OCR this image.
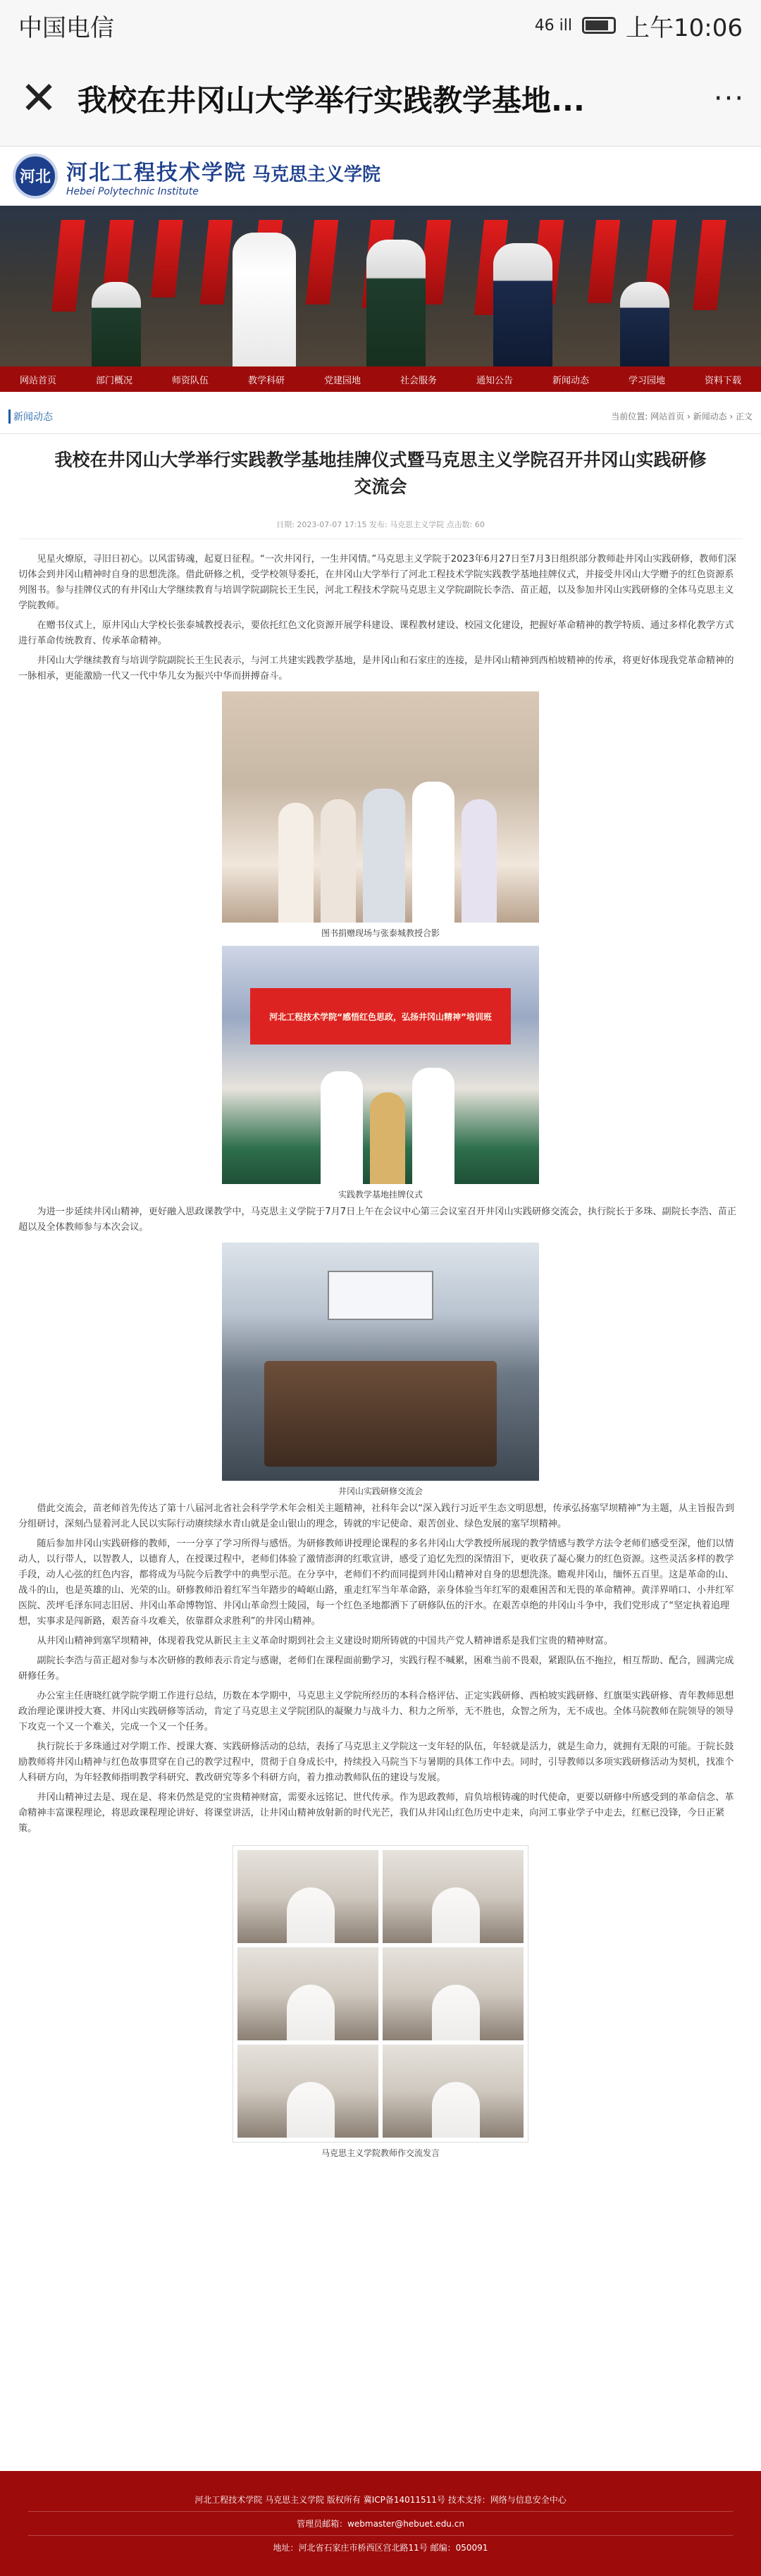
中国电信	46 ill 上午10:06
✕ 我校在井冈山大学举行实践教学基地...	···
河北 河北工程技术学院 马克思主义学院
Hebei Polytechnic Institute
网站首页	部门概况	师资队伍	教学科研	党建园地	社会服务	通知公告	新闻动态	学习园地	资料下载
新闻动态	当前位置: 网站首页 › 新闻动态 › 正文
我校在井冈山大学举行实践教学基地挂牌仪式暨马克思主义学院召开井冈山实践研修交流会
日期: 2023-07-07 17:15 发布: 马克思主义学院 点击数: 60

见星火燎原，寻旧日初心。以风雷铸魂，起夏日征程。“一次井冈行，一生井冈情。”马克思主义学院于2023年6月27日至7月3日组织部分教师赴井冈山实践研修，教师们深切体会到井冈山精神时自身的思想洗涤。借此研修之机，受学校领导委托，在井冈山大学举行了河北工程技术学院实践教学基地挂牌仪式，并接受井冈山大学赠予的红色资源系列图书。参与挂牌仪式的有井冈山大学继续教育与培训学院副院长王生民，河北工程技术学院马克思主义学院副院长李浩、苗正超，以及参加井冈山实践研修的全体马克思主义学院教师。

在赠书仪式上，原井冈山大学校长张泰城教授表示，要依托红色文化资源开展学科建设、课程教材建设、校园文化建设，把握好革命精神的教学特质、通过多样化教学方式进行革命传统教育、传承革命精神。

井冈山大学继续教育与培训学院副院长王生民表示，与河工共建实践教学基地，是井冈山和石家庄的连接，是井冈山精神到西柏坡精神的传承，将更好体现我党革命精神的一脉相承，更能激励一代又一代中华儿女为振兴中华而拼搏奋斗。

图书捐赠现场与张泰城教授合影
河北工程技术学院“感悟红色思政，弘扬井冈山精神”培训班
实践教学基地挂牌仪式

为进一步延续井冈山精神，更好融入思政课教学中，马克思主义学院于7月7日上午在会议中心第三会议室召开井冈山实践研修交流会，执行院长于多珠、副院长李浩、苗正超以及全体教师参与本次会议。

井冈山实践研修交流会

借此交流会，苗老师首先传达了第十八届河北省社会科学学术年会相关主题精神，社科年会以“深入践行习近平生态文明思想，传承弘扬塞罕坝精神”为主题，从主旨报告到分组研讨，深刻凸显着河北人民以实际行动赓续绿水青山就是金山银山的理念，铸就的牢记使命、艰苦创业、绿色发展的塞罕坝精神。

随后参加井冈山实践研修的教师，一一分享了学习所得与感悟。为研修教师讲授理论课程的多名井冈山大学教授所展现的教学情感与教学方法令老师们感受至深，他们以情动人，以行带人，以智教人，以德育人，在授课过程中，老师们体验了激情澎湃的红歌宣讲，感受了追忆先烈的深情泪下，更收获了凝心聚力的红色资源。这些灵活多样的教学手段，动人心弦的红色内容，都将成为马院今后教学中的典型示范。在分享中，老师们不约而同提到井冈山精神对自身的思想洗涤。瞻观井冈山，缅怀五百里。这是革命的山、战斗的山，也是英雄的山、光荣的山。研修教师沿着红军当年踏步的崎岖山路，重走红军当年革命路，亲身体验当年红军的艰难困苦和无畏的革命精神。黄洋界哨口、小井红军医院、茨坪毛泽东同志旧居、井冈山革命博物馆、井冈山革命烈士陵园，每一个红色圣地都洒下了研修队伍的汗水。在艰苦卓绝的井冈山斗争中，我们党形成了“坚定执着追理想，实事求是闯新路，艰苦奋斗攻难关，依靠群众求胜利”的井冈山精神。

从井冈山精神到塞罕坝精神，体现着我党从新民主主义革命时期到社会主义建设时期所铸就的中国共产党人精神谱系是我们宝贵的精神财富。

副院长李浩与苗正超对参与本次研修的教师表示肯定与感谢，老师们在课程面前勤学习，实践行程不喊累，困难当前不畏艰，紧跟队伍不拖拉，相互帮助、配合，圆满完成研修任务。

办公室主任唐晓红就学院学期工作进行总结，历数在本学期中，马克思主义学院所经历的本科合格评估、正定实践研修、西柏坡实践研修、红旗渠实践研修、青年教师思想政治理论课讲授大赛、井冈山实践研修等活动，肯定了马克思主义学院团队的凝聚力与战斗力、积力之所举，无不胜也，众智之所为，无不成也。全体马院教师在院领导的领导下攻克一个又一个难关，完成一个又一个任务。

执行院长于多珠通过对学期工作、授课大赛、实践研修活动的总结，表扬了马克思主义学院这一支年轻的队伍，年轻就是活力，就是生命力，就拥有无限的可能。于院长鼓励教师将井冈山精神与红色故事贯穿在自己的教学过程中，贯彻于自身成长中，持续投入马院当下与暑期的具体工作中去。同时，引导教师以多项实践研修活动为契机，找准个人科研方向，为年轻教师指明教学科研究、教改研究等多个科研方向，着力推动教师队伍的建设与发展。

井冈山精神过去是、现在是、将来仍然是党的宝贵精神财富，需要永远铭记、世代传承。作为思政教师，肩负培根铸魂的时代使命，更要以研修中所感受到的革命信念、革命精神丰富课程理论，将思政课程理论讲好、将课堂讲活，让井冈山精神放射新的时代光芒，我们从井冈山红色历史中走来，向河工事业学子中走去，红框已没锋，今日正紧策。

马克思主义学院教师作交流发言
河北工程技术学院 马克思主义学院 版权所有 冀ICP备14011511号 技术支持：网络与信息安全中心
管理员邮箱：webmaster@hebuet.edu.cn
地址：河北省石家庄市桥西区宫北路11号 邮编：050091
